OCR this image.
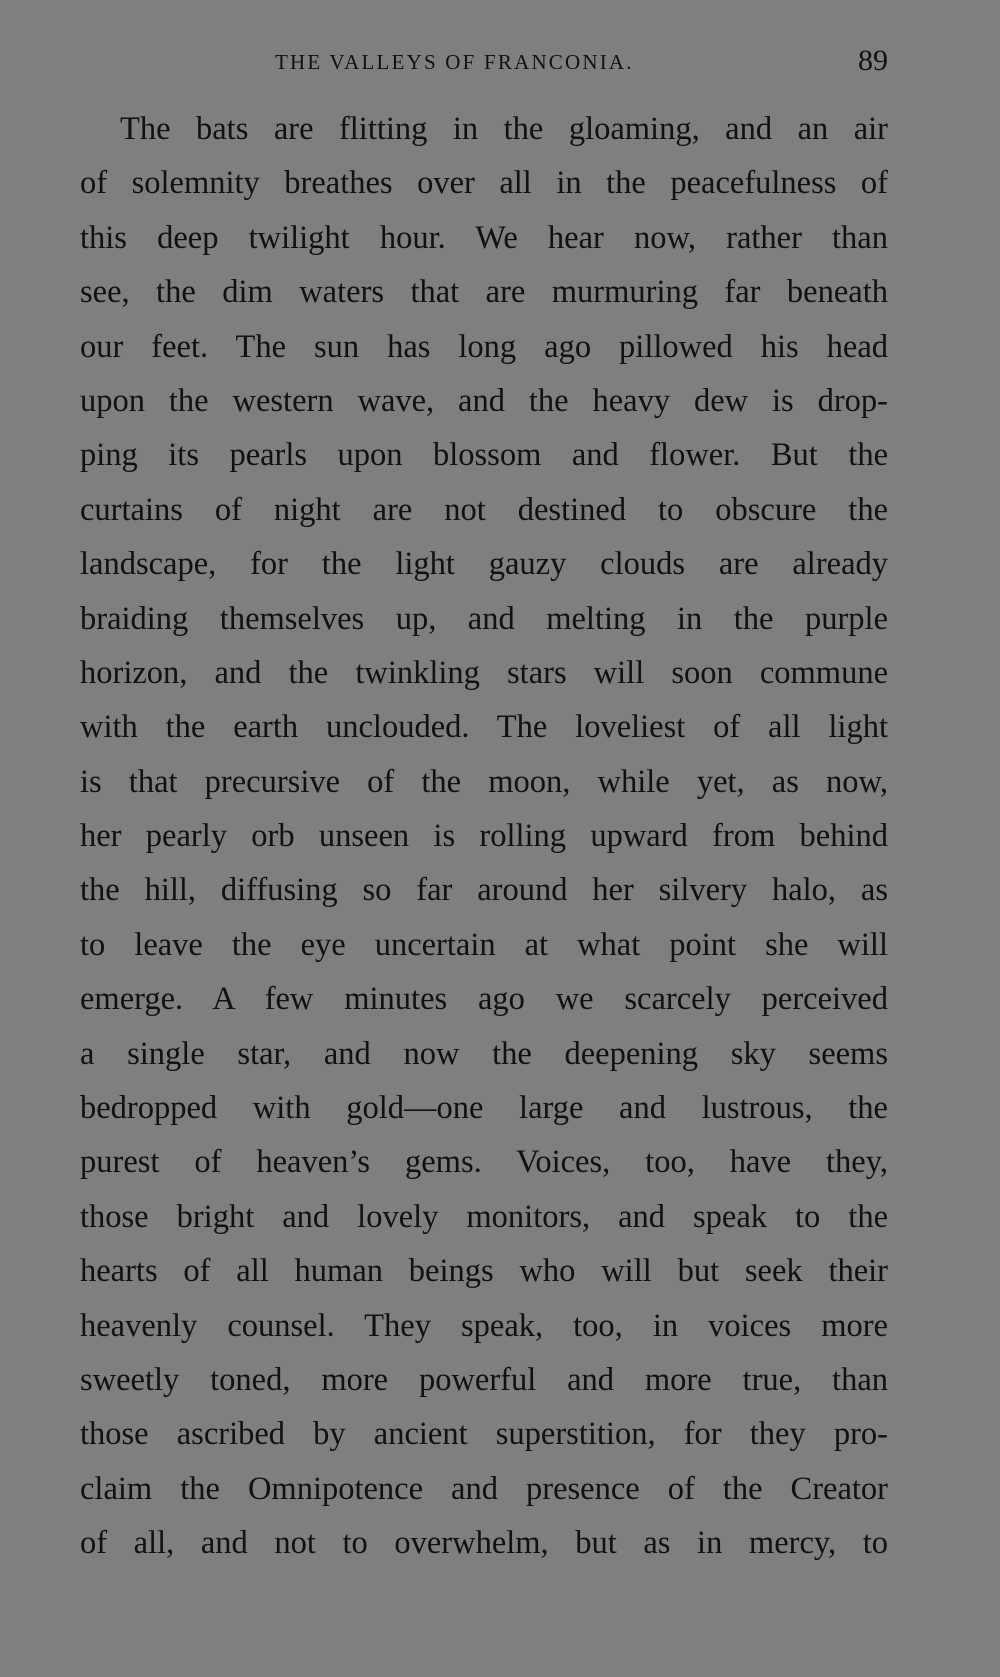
THE VALLEYS OF FRANCONIA.	89
The bats are flitting in the gloaming, and an air
of solemnity breathes over all in the peacefulness of
this deep twilight hour. We hear now, rather than
see, the dim waters that are murmuring far beneath
our feet. The sun has long ago pillowed his head
upon the western wave, and the heavy dew is drop-
ping its pearls upon blossom and flower. But the
curtains of night are not destined to obscure the
landscape, for the light gauzy clouds are already
braiding themselves up, and melting in the purple
horizon, and the twinkling stars will soon commune
with the earth unclouded. The loveliest of all light
is that precursive of the moon, while yet, as now,
her pearly orb unseen is rolling upward from behind
the hill, diffusing so far around her silvery halo, as
to leave the eye uncertain at what point she will
emerge. A few minutes ago we scarcely perceived
a single star, and now the deepening sky seems
bedropped with gold—one large and lustrous, the
purest of heaven’s gems. Voices, too, have they,
those bright and lovely monitors, and speak to the
hearts of all human beings who will but seek their
heavenly counsel. They speak, too, in voices more
sweetly toned, more powerful and more true, than
those ascribed by ancient superstition, for they pro-
claim the Omnipotence and presence of the Creator
of all, and not to overwhelm, but as in mercy, to
